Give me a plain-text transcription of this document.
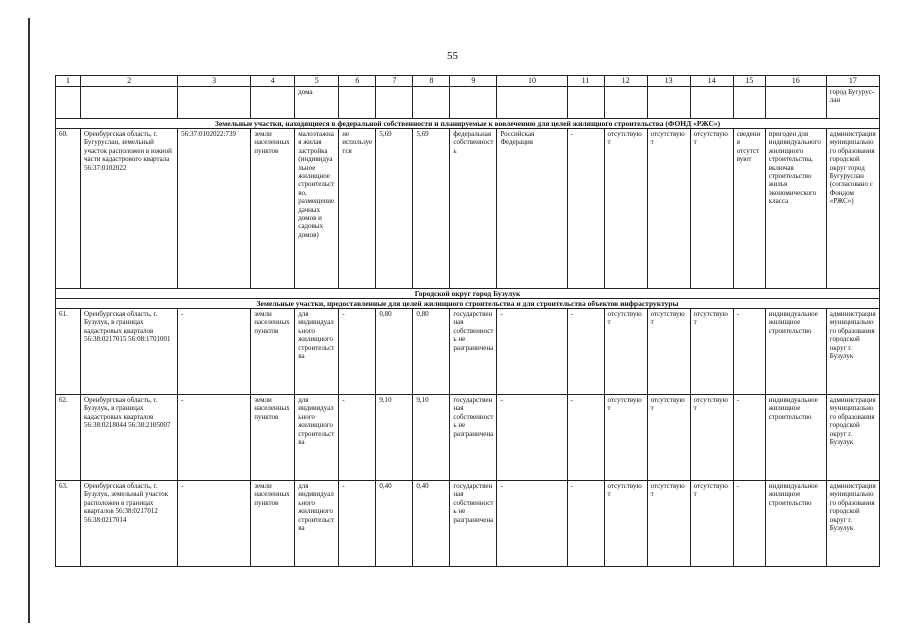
55
1	2	3	4	5	6	7	8	9	10	11	12	13	14	15	16	17
				дома												город Бугурус-лан
Земельные участки, находящиеся в федеральной собственности и планируемые к вовлечению для целей жилищного строительства (ФОНД «РЖС»)																
60.	Оренбургская область, г. Бугуруслан, земельный участок расположен в южной части кадастрового квартала 56:37:0102022	56:37:0102022:739	земли населенных пунктов	малоэтажная жилая застройка (индивидуальное жилищное строительство, размещение дачных домов и садовых домов)	не используется	5,69	5,69	федеральная собственность	Российская Федерация	-	отсутствуют	отсутствуют	отсутствуют	сведения отсутствуют	пригоден для индивидуального жилищного строительства, включая строительство жилья экономического класса	администрация муниципального образования городской округ город Бугуруслан (согласовано с Фондом «РЖС»)
Городской округ город Бузулук																
Земельные участки, предоставленные для целей жилищного строительства и для строительства объектов инфраструктуры																
61.	Оренбургская область, г. Бузулук, в границах кадастровых кварталов 56:38:0217015 56:08:1701001	-	земли населенных пунктов	для индивидуального жилищного строительства	-	0,80	0,80	государственная собственность не разграничена	-	-	отсутствуют	отсутствуют	отсутствуют	-	индивидуальное жилищное строительство	администрация муниципального образования городской округ г. Бузулук
62.	Оренбургская область, г. Бузулук, в границах кадастровых кварталов 56:38:0218044 56:38:2105007	-	земли населенных пунктов	для индивидуального жилищного строительства	-	9,10	9,10	государственная собственность не разграничена	-	-	отсутствуют	отсутствуют	отсутствуют	-	индивидуальное жилищное строительство	администрация муниципального образования городской округ г. Бузулук
63.	Оренбургская область, г. Бузулук, земельный участок расположен в границах кварталов 56:38:0217012 56:38:0217014	-	земли населенных пунктов	для индивидуального жилищного строительства	-	0,40	0,40	государственная собственность не разграничена	-	-	отсутствуют	отсутствуют	отсутствуют	-	индивидуальное жилищное строительство	администрация муниципального образования городской округ г. Бузулук
